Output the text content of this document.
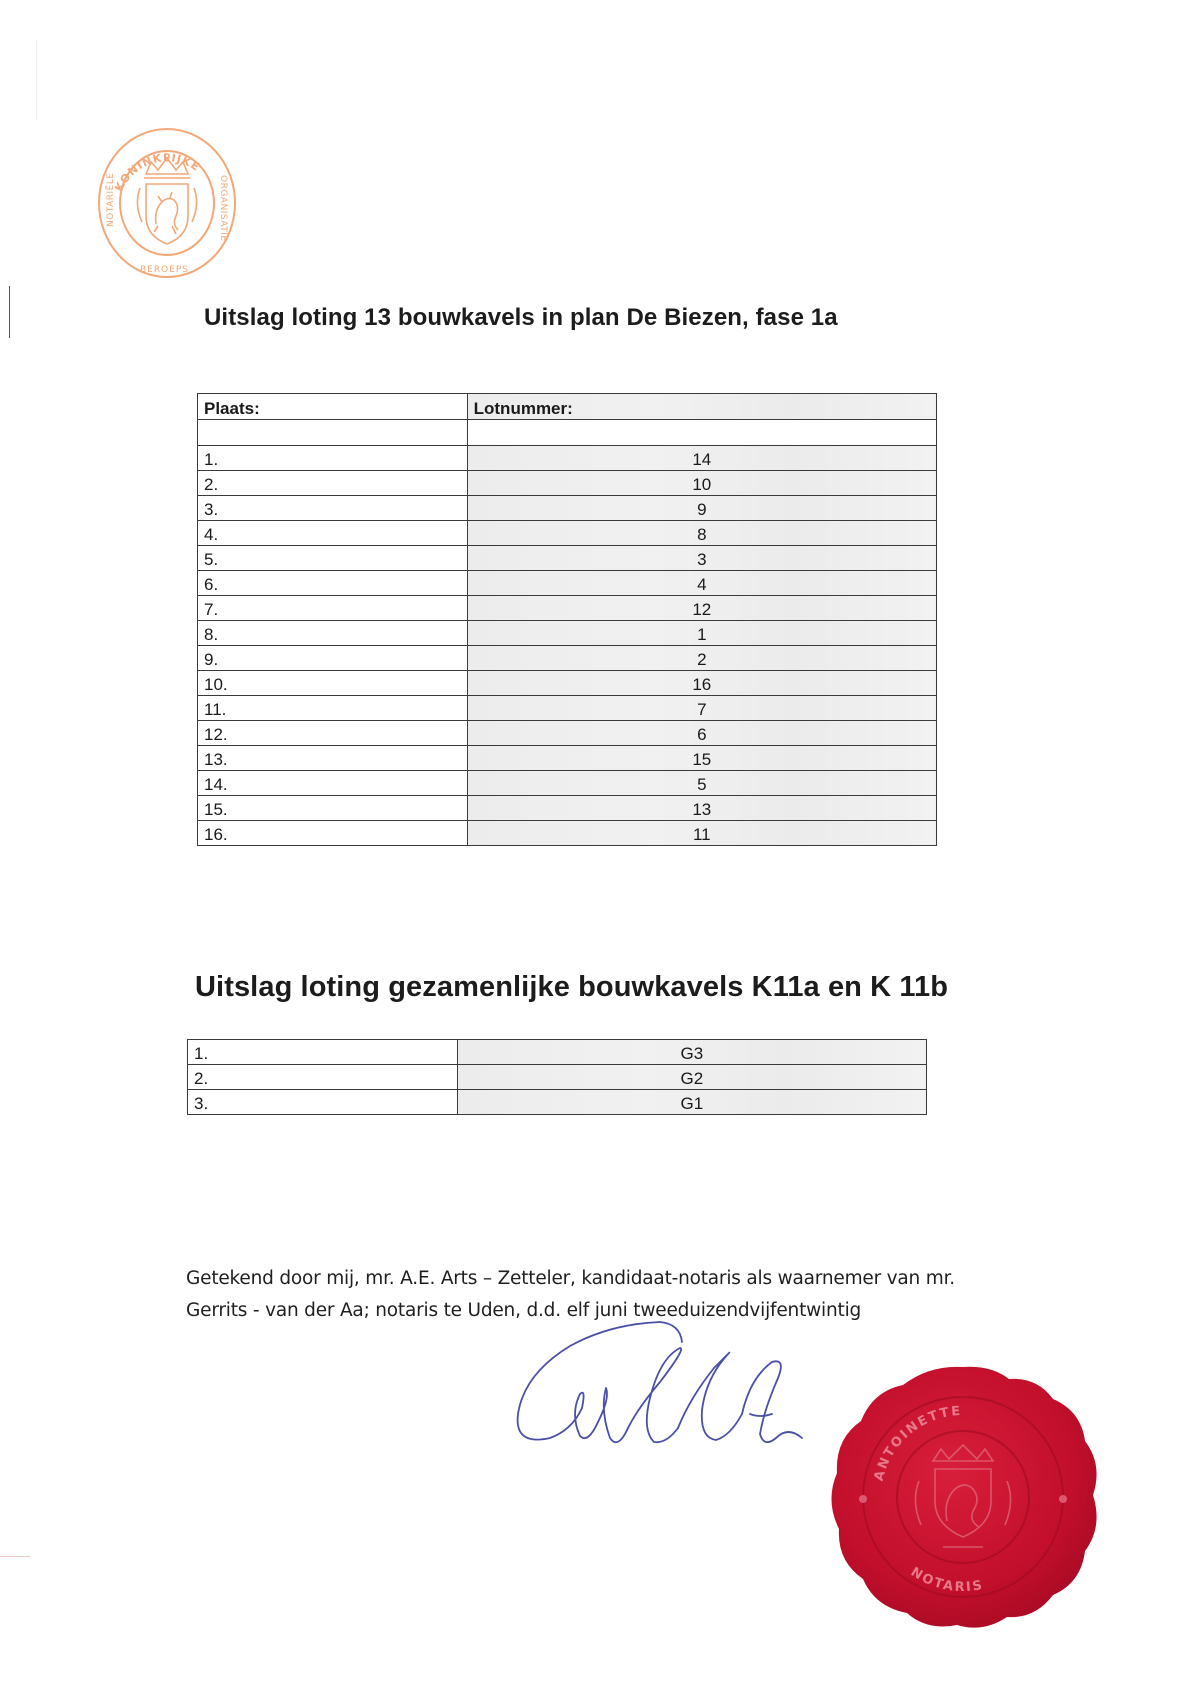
KONINKLIJKE
NOTARIËLE	ORGANISATIE
BEROEPS
Uitslag loting 13 bouwkavels in plan De Biezen, fase 1a
Plaats:	Lotnummer:

1.	14
2.	10
3.	9
4.	8
5.	3
6.	4
7.	12
8.	1
9.	2
10.	16
11.	7
12.	6
13.	15
14.	5
15.	13
16.	11
Uitslag loting gezamenlijke bouwkavels K11a en K 11b
1.	G3
2.	G2
3.	G1
Getekend door mij, mr. A.E. Arts – Zetteler, kandidaat-notaris als waarnemer van mr.
Gerrits - van der Aa; notaris te Uden, d.d. elf juni tweeduizendvijfentwintig
ANTOINETTE
NOTARIS
